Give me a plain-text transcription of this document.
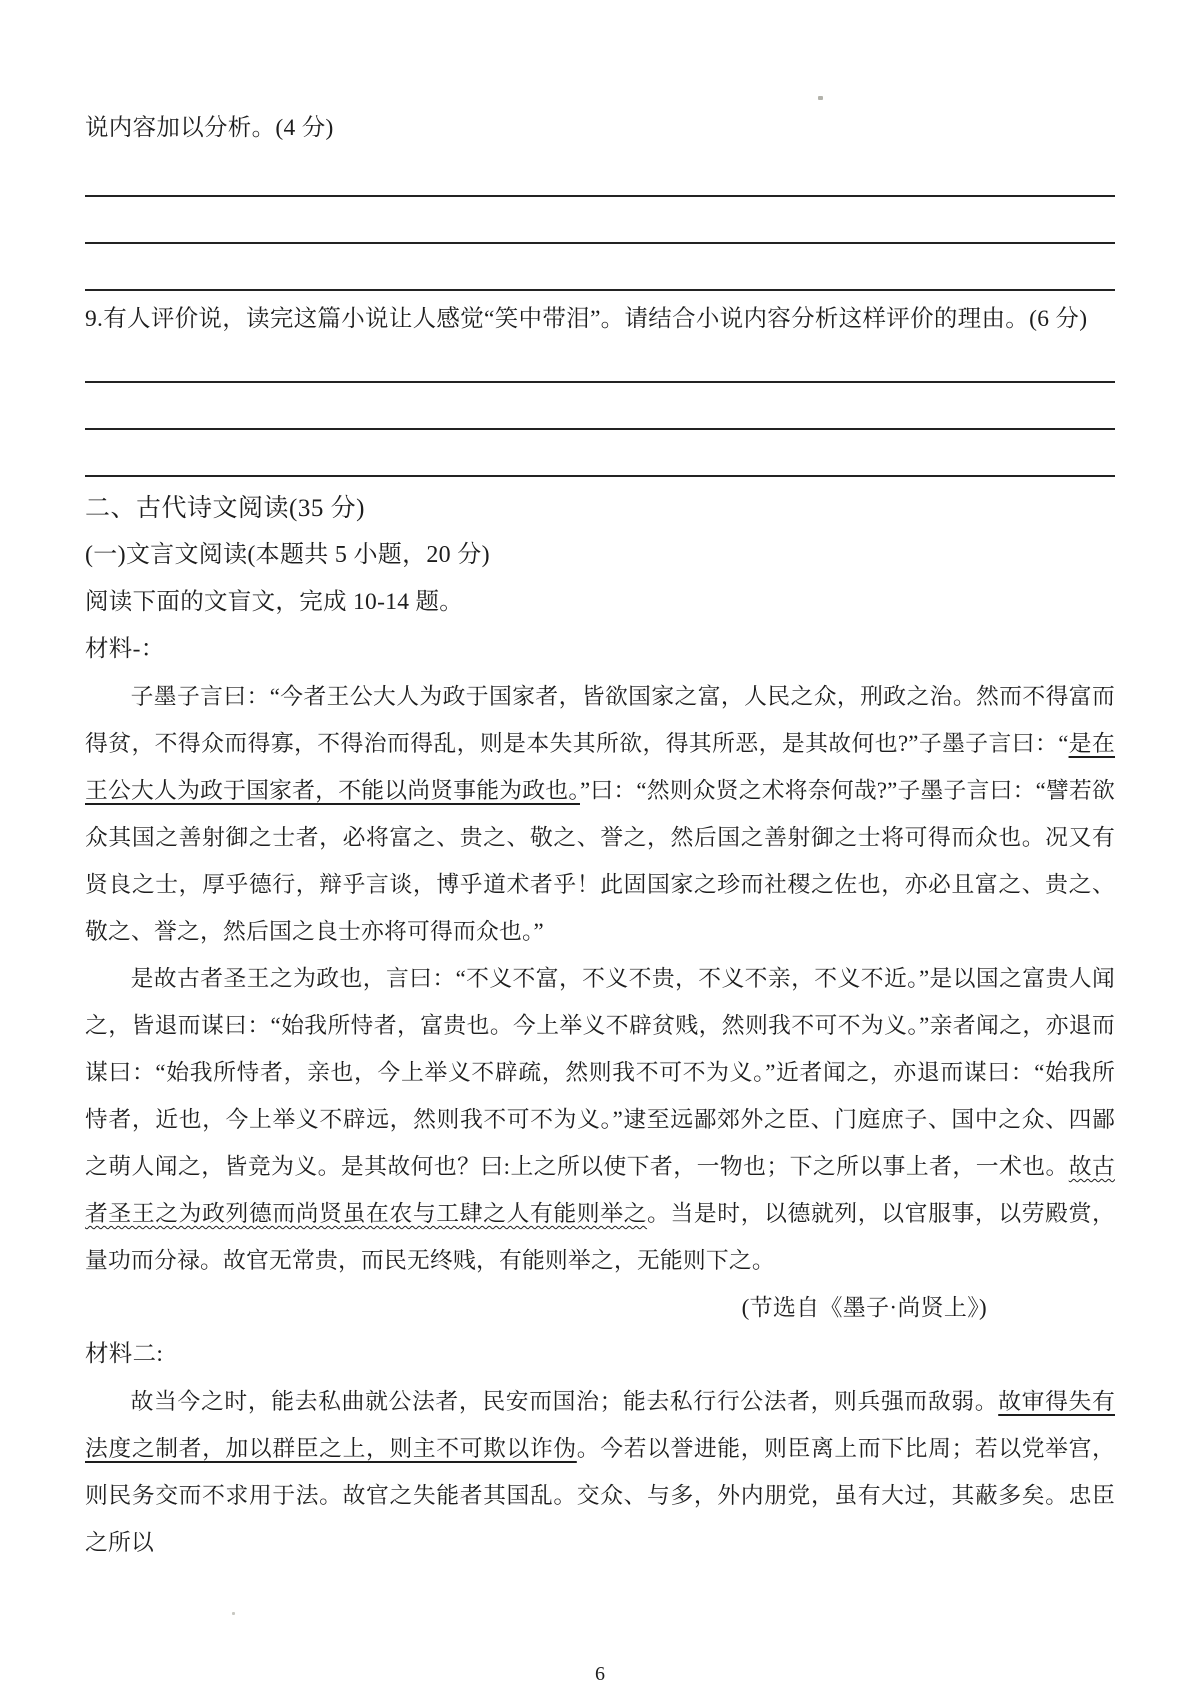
说内容加以分析。(4 分)
9.有人评价说，读完这篇小说让人感觉“笑中带泪”。请结合小说内容分析这样评价的理由。(6 分)
二、古代诗文阅读(35 分)
(一)文言文阅读(本题共 5 小题，20 分)
阅读下面的文盲文，完成 10-14 题。
材料-：

子墨子言曰：“今者王公大人为政于国家者，皆欲国家之富，人民之众，刑政之治。然而不得富而得贫，不得众而得寡，不得治而得乱，则是本失其所欲，得其所恶，是其故何也?”子墨子言曰：“是在王公大人为政于国家者，不能以尚贤事能为政也。”曰：“然则众贤之术将奈何哉?”子墨子言曰：“譬若欲众其国之善射御之士者，必将富之、贵之、敬之、誉之，然后国之善射御之士将可得而众也。况又有贤良之士，厚乎德行，辩乎言谈，博乎道术者乎！此固国家之珍而社稷之佐也，亦必且富之、贵之、敬之、誉之，然后国之良士亦将可得而众也。”

是故古者圣王之为政也，言曰：“不义不富，不义不贵，不义不亲，不义不近。”是以国之富贵人闻之，皆退而谋曰：“始我所恃者，富贵也。今上举义不辟贫贱，然则我不可不为义。”亲者闻之，亦退而谋曰：“始我所恃者，亲也，今上举义不辟疏，然则我不可不为义。”近者闻之，亦退而谋曰：“始我所恃者，近也，今上举义不辟远，然则我不可不为义。”逮至远鄙郊外之臣、门庭庶子、国中之众、四鄙之萌人闻之，皆竞为义。是其故何也？曰:上之所以使下者，一物也；下之所以事上者，一术也。故古者圣王之为政列德而尚贤虽在农与工肆之人有能则举之。当是时，以德就列，以官服事，以劳殿赏，量功而分禄。故官无常贵，而民无终贱，有能则举之，无能则下之。

(节选自《墨子·尚贤上》)
材料二:

故当今之时，能去私曲就公法者，民安而国治；能去私行行公法者，则兵强而敌弱。故审得失有法度之制者，加以群臣之上，则主不可欺以诈伪。今若以誉进能，则臣离上而下比周；若以党举宫，则民务交而不求用于法。故官之失能者其国乱。交众、与多，外内朋党，虽有大过，其蔽多矣。忠臣之所以

6
